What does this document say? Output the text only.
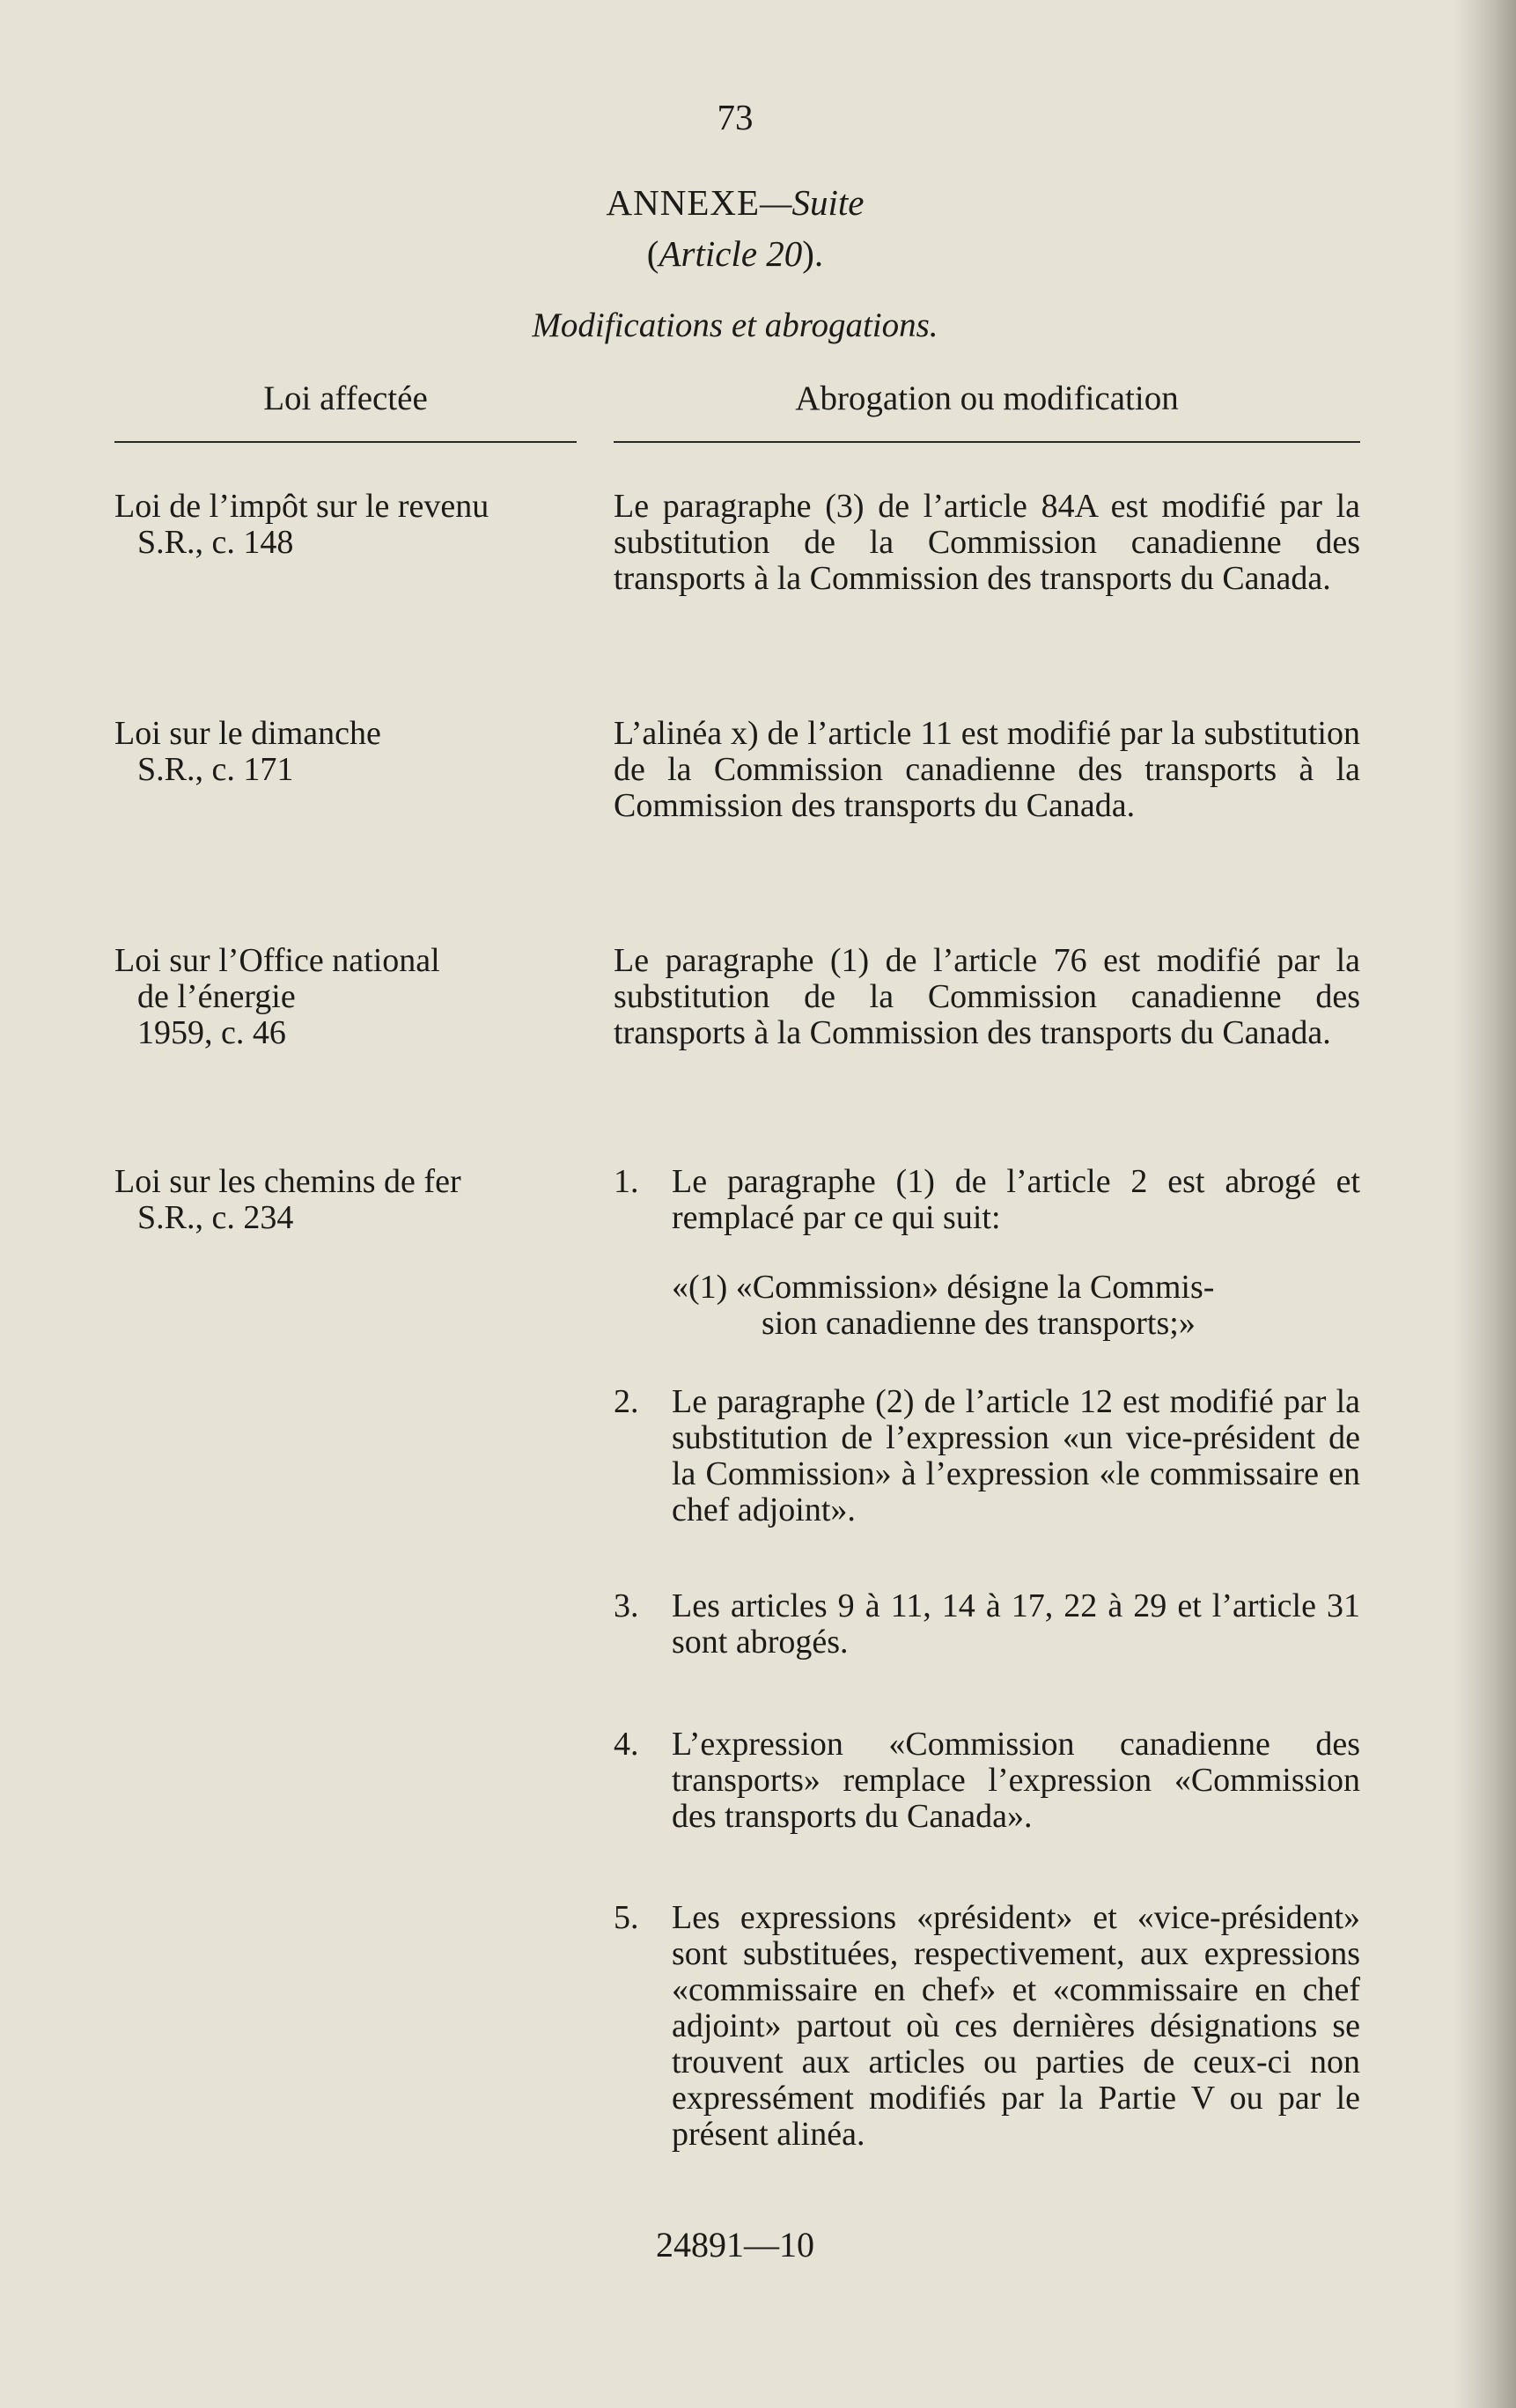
73
ANNEXE—Suite
(Article 20).
Modifications et abrogations.
Loi affectée	Abrogation ou modification
Loi de l’impôt sur le revenu
S.R., c. 148
Le paragraphe (3) de l’article 84A est modifié par la substitution de la Commission canadienne des transports à la Commission des transports du Canada.
Loi sur le dimanche
S.R., c. 171
L’alinéa x) de l’article 11 est modifié par la substitution de la Commission canadienne des transports à la Commission des transports du Canada.
Loi sur l’Office national
de l’énergie
1959, c. 46
Le paragraphe (1) de l’article 76 est modifié par la substitution de la Commission canadienne des transports à la Commission des transports du Canada.
Loi sur les chemins de fer
S.R., c. 234
1. Le paragraphe (1) de l’article 2 est abrogé et remplacé par ce qui suit:
«(1) «Commission» désigne la Commis-
sion canadienne des transports;»
2. Le paragraphe (2) de l’article 12 est modifié par la substitution de l’expression «un vice-président de la Commission» à l’expression «le commissaire en chef adjoint».
3. Les articles 9 à 11, 14 à 17, 22 à 29 et l’article 31 sont abrogés.
4. L’expression «Commission canadienne des transports» remplace l’expression «Commission des transports du Canada».
5. Les expressions «président» et «vice-président» sont substituées, respectivement, aux expressions «commissaire en chef» et «commissaire en chef adjoint» partout où ces dernières désignations se trouvent aux articles ou parties de ceux-ci non expressément modifiés par la Partie V ou par le présent alinéa.
24891—10
